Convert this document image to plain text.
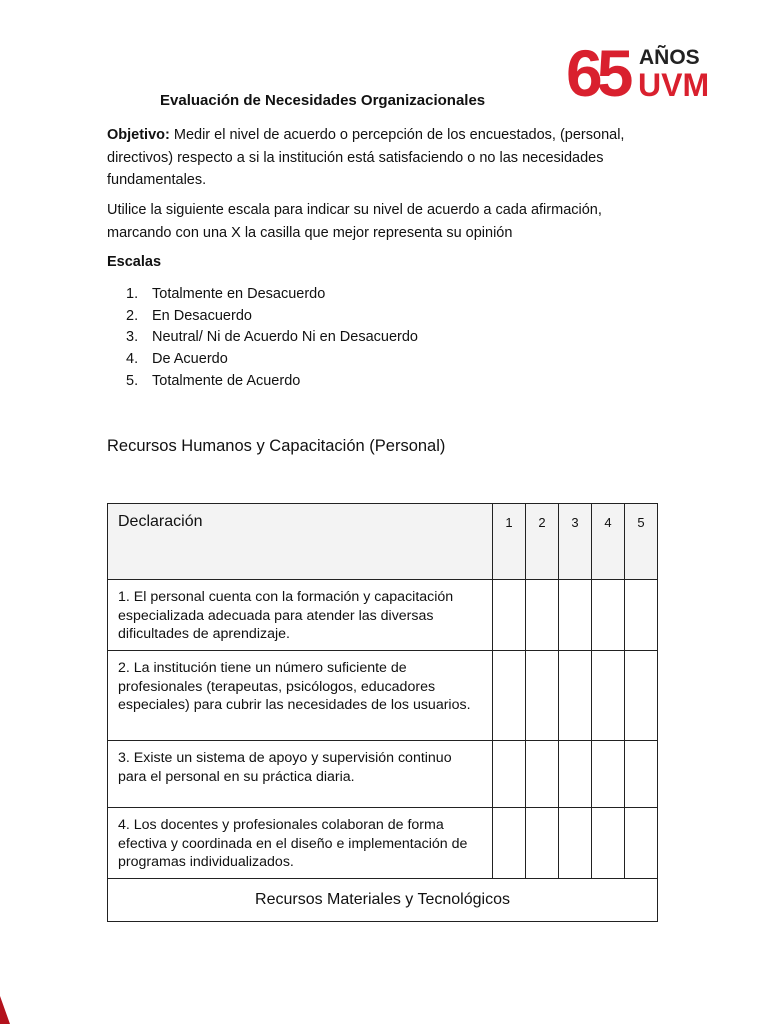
65 AÑOS
UVM
Evaluación de Necesidades Organizacionales

Objetivo: Medir el nivel de acuerdo o percepción de los encuestados, (personal, directivos) respecto a si la institución está satisfaciendo o no las necesidades fundamentales.

Utilice la siguiente escala para indicar su nivel de acuerdo a cada afirmación, marcando con una X la casilla que mejor representa su opinión

Escalas
1. Totalmente en Desacuerdo
2. En Desacuerdo
3. Neutral/ Ni de Acuerdo Ni en Desacuerdo
4. De Acuerdo
5. Totalmente de Acuerdo
Recursos Humanos y Capacitación (Personal)
Declaración	1	2	3	4	5
1. El personal cuenta con la formación y capacitación especializada adecuada para atender las diversas dificultades de aprendizaje.					
2. La institución tiene un número suficiente de profesionales (terapeutas, psicólogos, educadores especiales) para cubrir las necesidades de los usuarios.					
3. Existe un sistema de apoyo y supervisión continuo para el personal en su práctica diaria.					
4. Los docentes y profesionales colaboran de forma efectiva y coordinada en el diseño e implementación de programas individualizados.					
Recursos Materiales y Tecnológicos					
